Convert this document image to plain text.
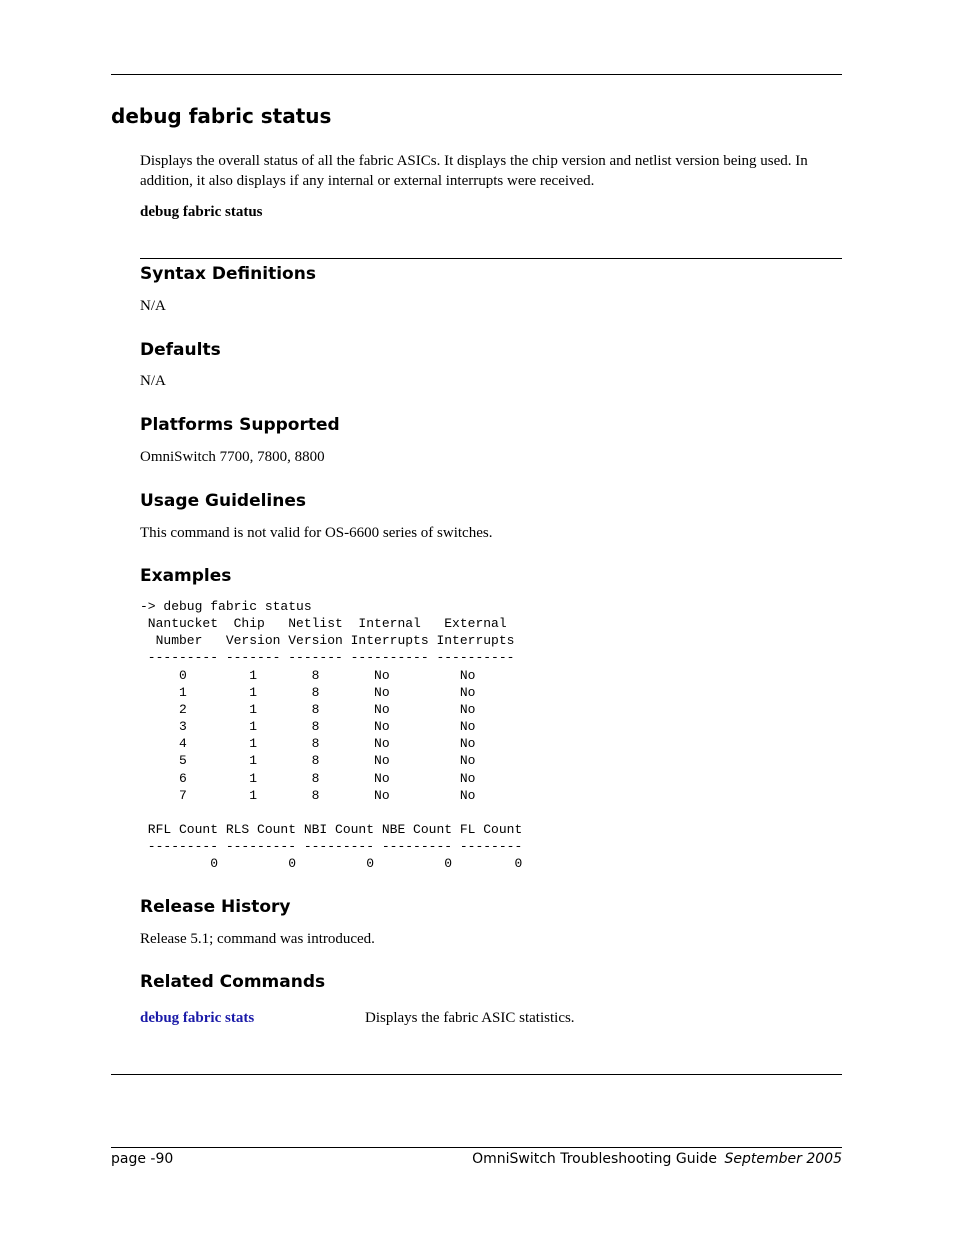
debug fabric status
Displays the overall status of all the fabric ASICs. It displays the chip version and netlist version being used. In addition, it also displays if any internal or external interrupts were received.
debug fabric status
Syntax Definitions
N/A
Defaults
N/A
Platforms Supported
OmniSwitch 7700, 7800, 8800
Usage Guidelines
This command is not valid for OS-6600 series of switches.
Examples
-> debug fabric status
Nantucket  Chip   Netlist  Internal   External
Number   Version Version Interrupts Interrupts
--------- ------- ------- ---------- ----------
0        1       8       No         No
1        1       8       No         No
2        1       8       No         No
3        1       8       No         No
4        1       8       No         No
5        1       8       No         No
6        1       8       No         No
7        1       8       No         No

RFL Count RLS Count NBI Count NBE Count FL Count
--------- --------- --------- --------- --------
0         0         0         0        0
Release History
Release 5.1; command was introduced.
Related Commands
debug fabric stats	Displays the fabric ASIC statistics.
page -90	OmniSwitch Troubleshooting Guide September 2005
